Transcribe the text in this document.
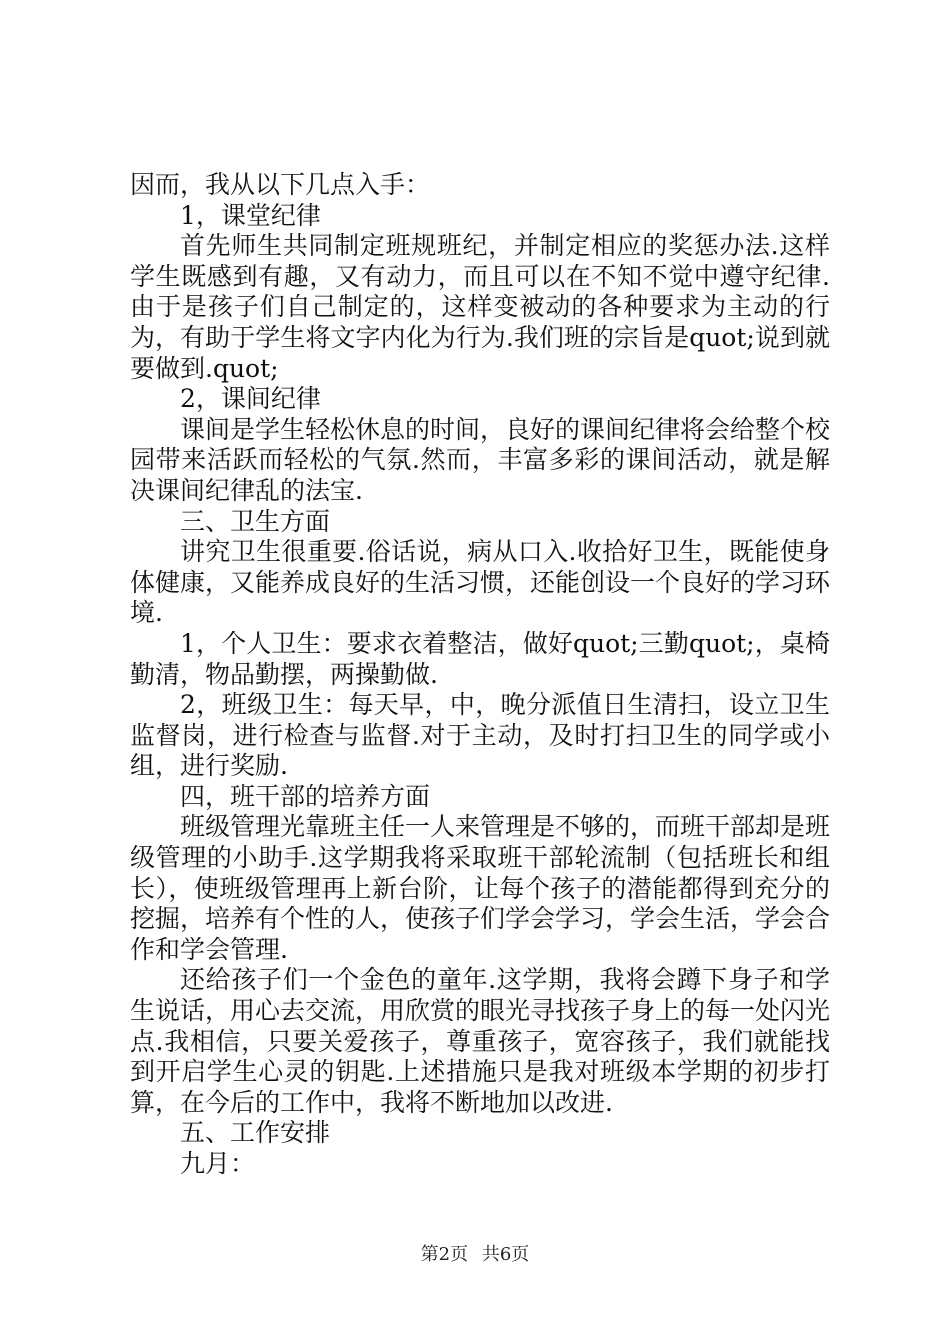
因而，我从以下几点入手：

1，课堂纪律

首先师生共同制定班规班纪，并制定相应的奖惩办法.这样学生既感到有趣，又有动力，而且可以在不知不觉中遵守纪律.由于是孩子们自己制定的，这样变被动的各种要求为主动的行为，有助于学生将文字内化为行为.我们班的宗旨是quot;说到就要做到.quot;

2，课间纪律

课间是学生轻松休息的时间，良好的课间纪律将会给整个校园带来活跃而轻松的气氛.然而，丰富多彩的课间活动，就是解决课间纪律乱的法宝.

三、卫生方面

讲究卫生很重要.俗话说，病从口入.收拾好卫生，既能使身体健康，又能养成良好的生活习惯，还能创设一个良好的学习环境.

1，个人卫生：要求衣着整洁，做好quot;三勤quot;，桌椅勤清，物品勤摆，两操勤做.

2，班级卫生：每天早，中，晚分派值日生清扫，设立卫生监督岗，进行检查与监督.对于主动，及时打扫卫生的同学或小组，进行奖励.

四，班干部的培养方面

班级管理光靠班主任一人来管理是不够的，而班干部却是班级管理的小助手.这学期我将采取班干部轮流制（包括班长和组长），使班级管理再上新台阶，让每个孩子的潜能都得到充分的挖掘，培养有个性的人，使孩子们学会学习，学会生活，学会合作和学会管理.

还给孩子们一个金色的童年.这学期，我将会蹲下身子和学生说话，用心去交流，用欣赏的眼光寻找孩子身上的每一处闪光点.我相信，只要关爱孩子，尊重孩子，宽容孩子，我们就能找到开启学生心灵的钥匙.上述措施只是我对班级本学期的初步打算，在今后的工作中，我将不断地加以改进.

五、工作安排

九月：

第2页 共6页
